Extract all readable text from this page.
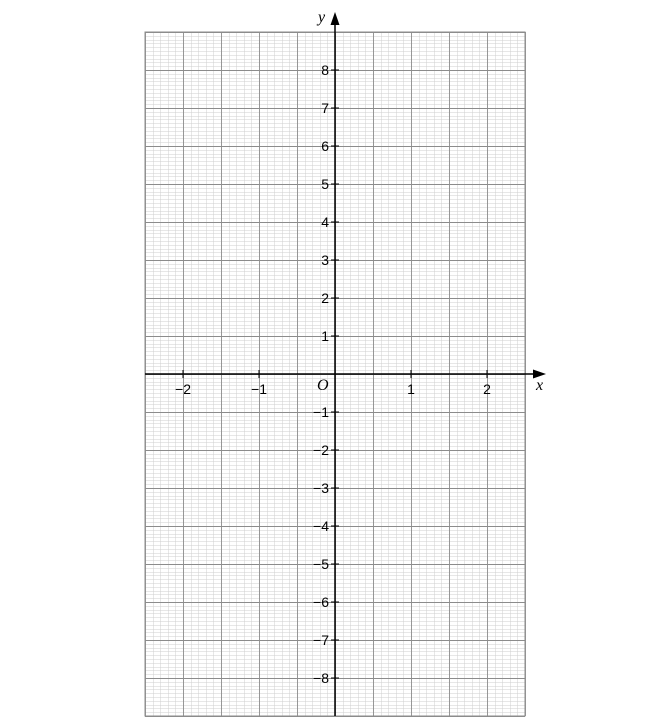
−2	−1	1	2
8
7
6
5
4
3
2
1
−1
−2
−3
−4
−5
−6
−7
−8
x
y
O
